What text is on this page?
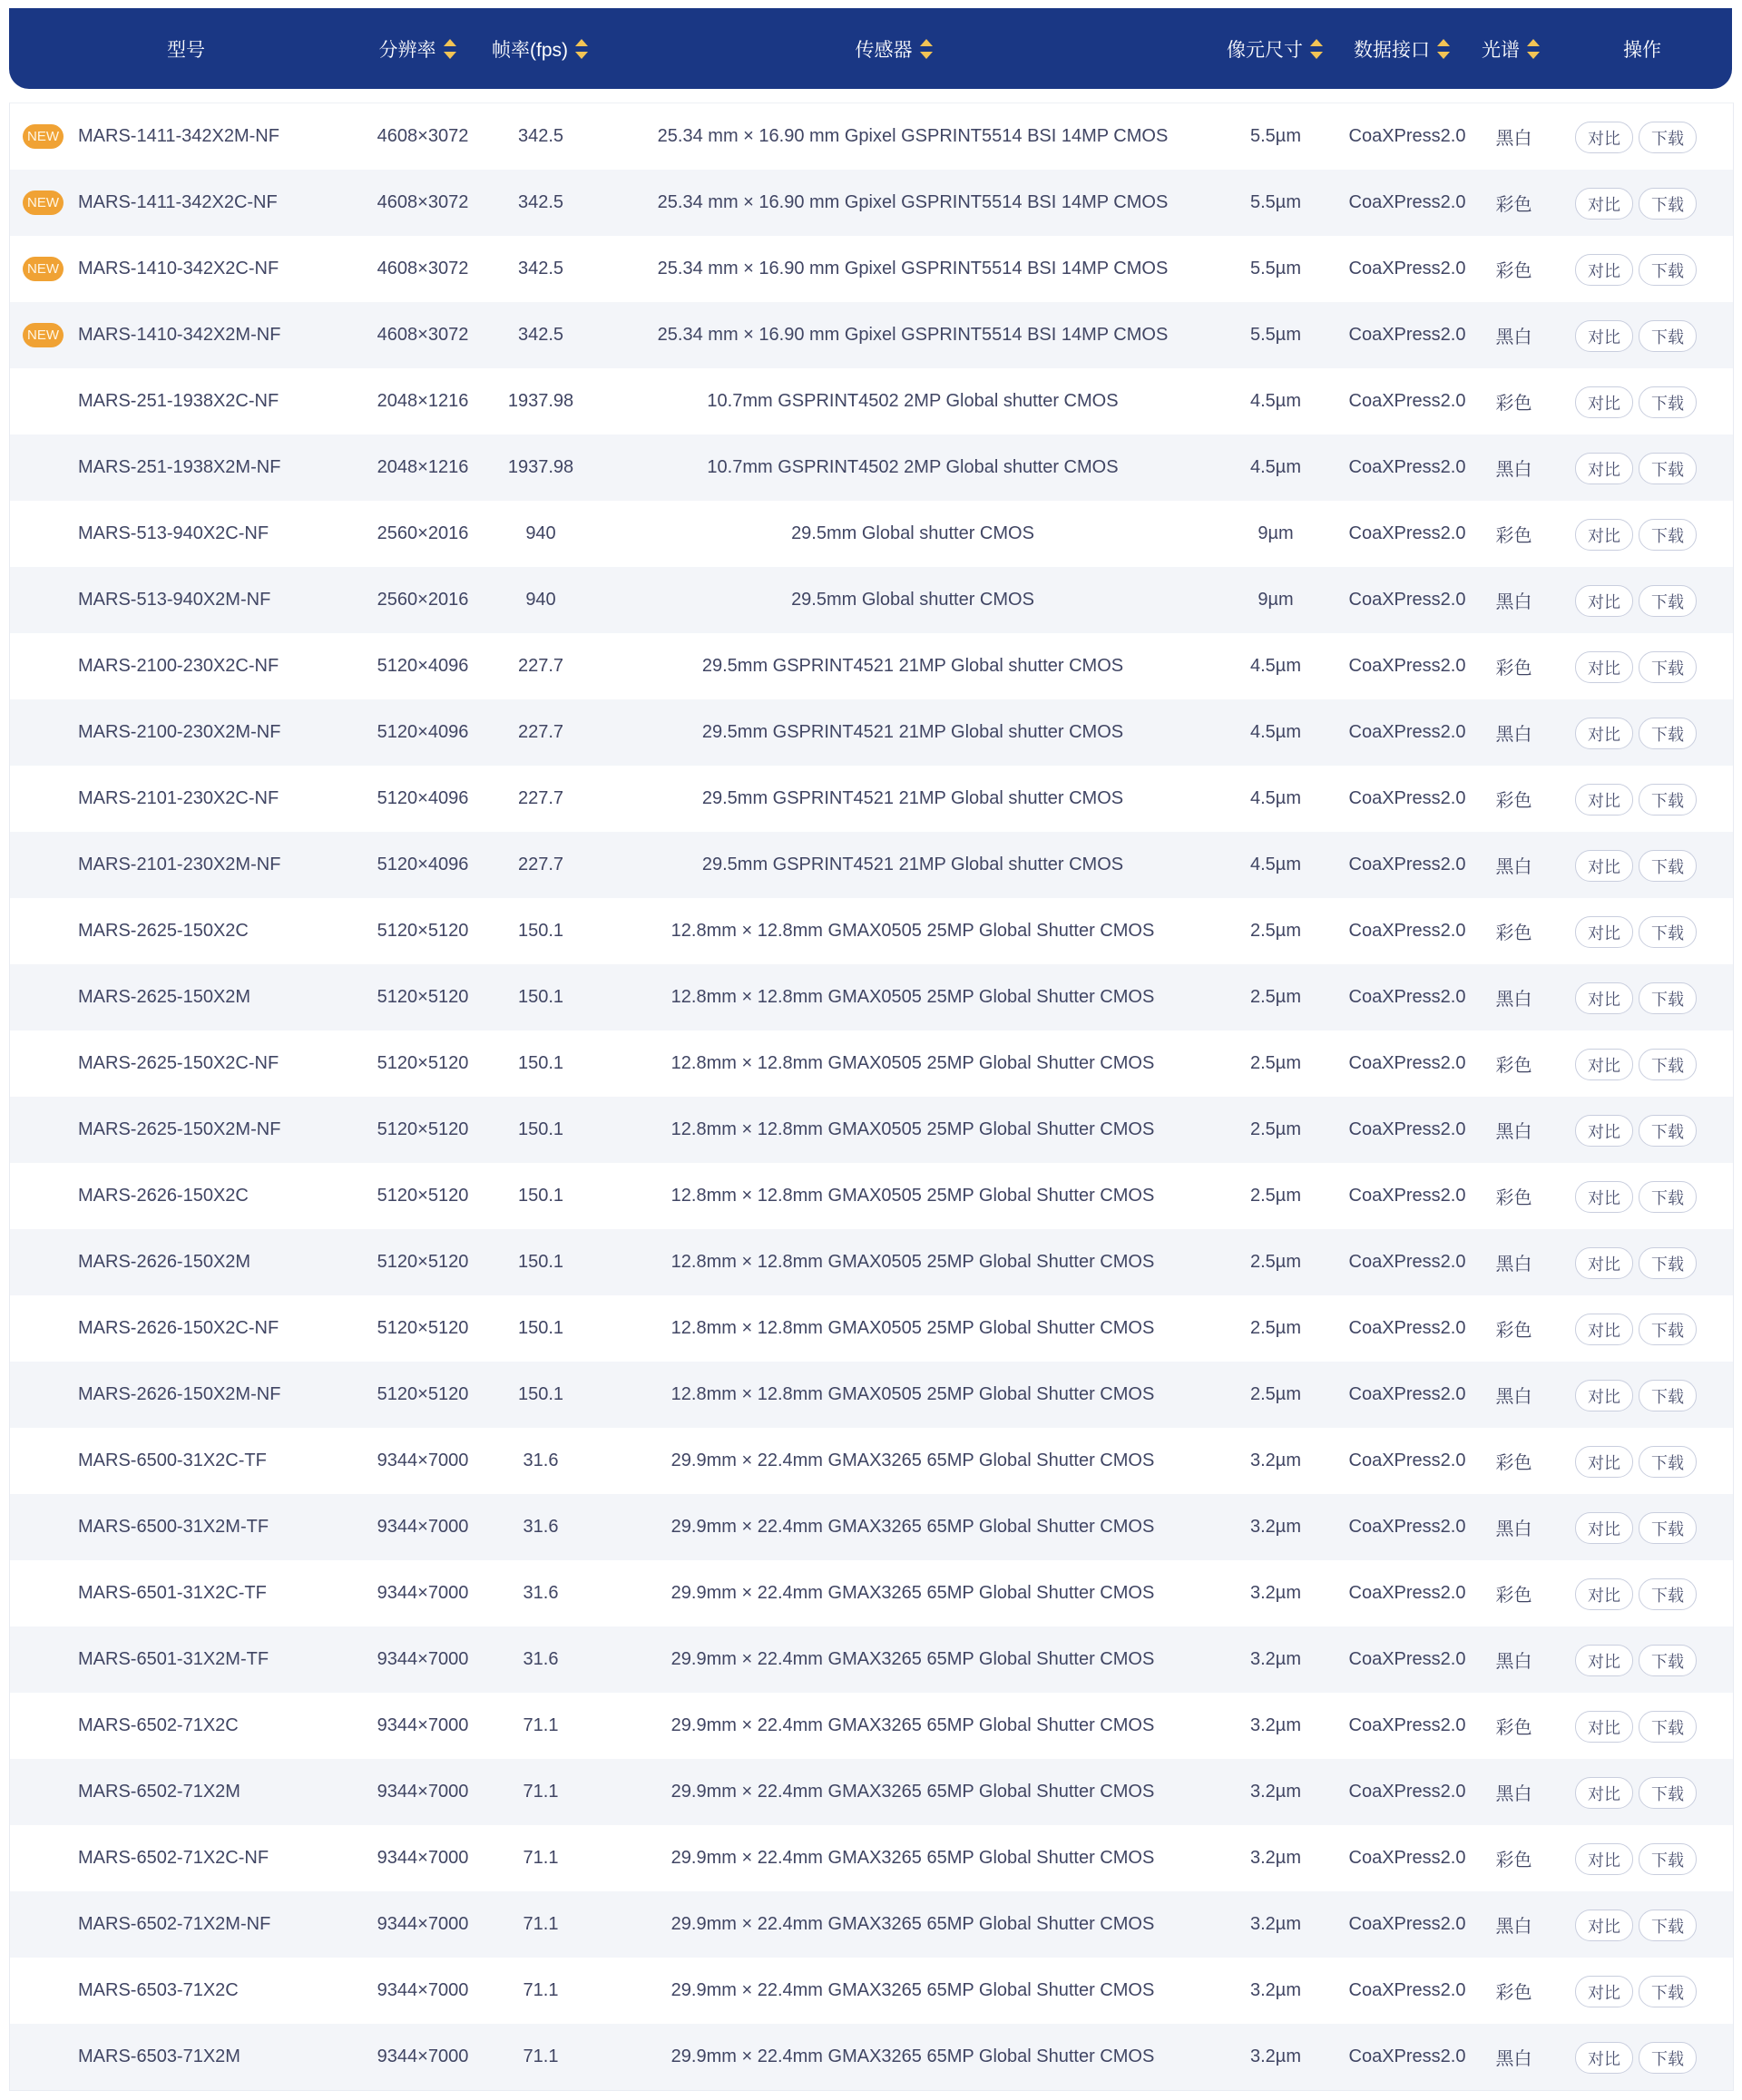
型号	分辨率	帧率(fps)	传感器	像元尺寸	数据接口	光谱	操作
NEW MARS-1411-342X2M-NF	4608×3072	342.5	25.34 mm × 16.90 mm Gpixel GSPRINT5514 BSI 14MP CMOS	5.5µm	CoaXPress2.0	黑白	对比	下载
NEW MARS-1411-342X2C-NF	4608×3072	342.5	25.34 mm × 16.90 mm Gpixel GSPRINT5514 BSI 14MP CMOS	5.5µm	CoaXPress2.0	彩色	对比	下载
NEW MARS-1410-342X2C-NF	4608×3072	342.5	25.34 mm × 16.90 mm Gpixel GSPRINT5514 BSI 14MP CMOS	5.5µm	CoaXPress2.0	彩色	对比	下载
NEW MARS-1410-342X2M-NF	4608×3072	342.5	25.34 mm × 16.90 mm Gpixel GSPRINT5514 BSI 14MP CMOS	5.5µm	CoaXPress2.0	黑白	对比	下载
MARS-251-1938X2C-NF	2048×1216	1937.98	10.7mm GSPRINT4502 2MP Global shutter CMOS	4.5µm	CoaXPress2.0	彩色	对比	下载
MARS-251-1938X2M-NF	2048×1216	1937.98	10.7mm GSPRINT4502 2MP Global shutter CMOS	4.5µm	CoaXPress2.0	黑白	对比	下载
MARS-513-940X2C-NF	2560×2016	940	29.5mm Global shutter CMOS	9µm	CoaXPress2.0	彩色	对比	下载
MARS-513-940X2M-NF	2560×2016	940	29.5mm Global shutter CMOS	9µm	CoaXPress2.0	黑白	对比	下载
MARS-2100-230X2C-NF	5120×4096	227.7	29.5mm GSPRINT4521 21MP Global shutter CMOS	4.5µm	CoaXPress2.0	彩色	对比	下载
MARS-2100-230X2M-NF	5120×4096	227.7	29.5mm GSPRINT4521 21MP Global shutter CMOS	4.5µm	CoaXPress2.0	黑白	对比	下载
MARS-2101-230X2C-NF	5120×4096	227.7	29.5mm GSPRINT4521 21MP Global shutter CMOS	4.5µm	CoaXPress2.0	彩色	对比	下载
MARS-2101-230X2M-NF	5120×4096	227.7	29.5mm GSPRINT4521 21MP Global shutter CMOS	4.5µm	CoaXPress2.0	黑白	对比	下载
MARS-2625-150X2C	5120×5120	150.1	12.8mm × 12.8mm GMAX0505 25MP Global Shutter CMOS	2.5µm	CoaXPress2.0	彩色	对比	下载
MARS-2625-150X2M	5120×5120	150.1	12.8mm × 12.8mm GMAX0505 25MP Global Shutter CMOS	2.5µm	CoaXPress2.0	黑白	对比	下载
MARS-2625-150X2C-NF	5120×5120	150.1	12.8mm × 12.8mm GMAX0505 25MP Global Shutter CMOS	2.5µm	CoaXPress2.0	彩色	对比	下载
MARS-2625-150X2M-NF	5120×5120	150.1	12.8mm × 12.8mm GMAX0505 25MP Global Shutter CMOS	2.5µm	CoaXPress2.0	黑白	对比	下载
MARS-2626-150X2C	5120×5120	150.1	12.8mm × 12.8mm GMAX0505 25MP Global Shutter CMOS	2.5µm	CoaXPress2.0	彩色	对比	下载
MARS-2626-150X2M	5120×5120	150.1	12.8mm × 12.8mm GMAX0505 25MP Global Shutter CMOS	2.5µm	CoaXPress2.0	黑白	对比	下载
MARS-2626-150X2C-NF	5120×5120	150.1	12.8mm × 12.8mm GMAX0505 25MP Global Shutter CMOS	2.5µm	CoaXPress2.0	彩色	对比	下载
MARS-2626-150X2M-NF	5120×5120	150.1	12.8mm × 12.8mm GMAX0505 25MP Global Shutter CMOS	2.5µm	CoaXPress2.0	黑白	对比	下载
MARS-6500-31X2C-TF	9344×7000	31.6	29.9mm × 22.4mm GMAX3265 65MP Global Shutter CMOS	3.2µm	CoaXPress2.0	彩色	对比	下载
MARS-6500-31X2M-TF	9344×7000	31.6	29.9mm × 22.4mm GMAX3265 65MP Global Shutter CMOS	3.2µm	CoaXPress2.0	黑白	对比	下载
MARS-6501-31X2C-TF	9344×7000	31.6	29.9mm × 22.4mm GMAX3265 65MP Global Shutter CMOS	3.2µm	CoaXPress2.0	彩色	对比	下载
MARS-6501-31X2M-TF	9344×7000	31.6	29.9mm × 22.4mm GMAX3265 65MP Global Shutter CMOS	3.2µm	CoaXPress2.0	黑白	对比	下载
MARS-6502-71X2C	9344×7000	71.1	29.9mm × 22.4mm GMAX3265 65MP Global Shutter CMOS	3.2µm	CoaXPress2.0	彩色	对比	下载
MARS-6502-71X2M	9344×7000	71.1	29.9mm × 22.4mm GMAX3265 65MP Global Shutter CMOS	3.2µm	CoaXPress2.0	黑白	对比	下载
MARS-6502-71X2C-NF	9344×7000	71.1	29.9mm × 22.4mm GMAX3265 65MP Global Shutter CMOS	3.2µm	CoaXPress2.0	彩色	对比	下载
MARS-6502-71X2M-NF	9344×7000	71.1	29.9mm × 22.4mm GMAX3265 65MP Global Shutter CMOS	3.2µm	CoaXPress2.0	黑白	对比	下载
MARS-6503-71X2C	9344×7000	71.1	29.9mm × 22.4mm GMAX3265 65MP Global Shutter CMOS	3.2µm	CoaXPress2.0	彩色	对比	下载
MARS-6503-71X2M	9344×7000	71.1	29.9mm × 22.4mm GMAX3265 65MP Global Shutter CMOS	3.2µm	CoaXPress2.0	黑白	对比	下载
